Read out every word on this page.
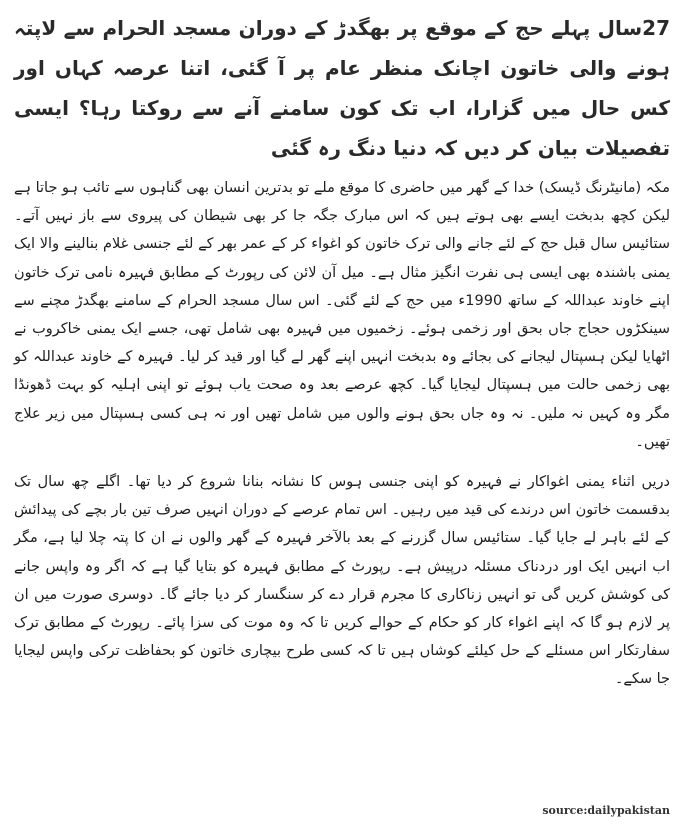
27سال پہلے حج کے موقع پر بھگدڑ کے دوران مسجد الحرام سے لاپتہ ہونے والی خاتون اچانک منظر عام پر آ گئی، اتنا عرصہ کہاں اور کس حال میں گزارا، اب تک کون سامنے آنے سے روکتا رہا؟ ایسی تفصیلات بیان کر دیں کہ دنیا دنگ رہ گئی

مکہ (مانیٹرنگ ڈیسک) خدا کے گھر میں حاضری کا موقع ملے تو بدترین انسان بھی گناہوں سے تائب ہو جاتا ہے لیکن کچھ بدبخت ایسے بھی ہوتے ہیں کہ اس مبارک جگہ جا کر بھی شیطان کی پیروی سے باز نہیں آتے۔ ستائیس سال قبل حج کے لئے جانے والی ترک خاتون کو اغواء کر کے عمر بھر کے لئے جنسی غلام بنالینے والا ایک یمنی باشندہ بھی ایسی ہی نفرت انگیز مثال ہے۔ میل آن لائن کی رپورٹ کے مطابق فہیرہ نامی ترک خاتون اپنے خاوند عبداللہ کے ساتھ 1990ء میں حج کے لئے گئی۔ اس سال مسجد الحرام کے سامنے بھگدڑ مچنے سے سینکڑوں حجاج جاں بحق اور زخمی ہوئے۔ زخمیوں میں فہیرہ بھی شامل تھی، جسے ایک یمنی خاکروب نے اٹھایا لیکن ہسپتال لیجانے کی بجائے وہ بدبخت انہیں اپنے گھر لے گیا اور قید کر لیا۔ فہیرہ کے خاوند عبداللہ کو بھی زخمی حالت میں ہسپتال لیجایا گیا۔ کچھ عرصے بعد وہ صحت یاب ہوئے تو اپنی اہلیہ کو بہت ڈھونڈا مگر وہ کہیں نہ ملیں۔ نہ وہ جاں بحق ہونے والوں میں شامل تھیں اور نہ ہی کسی ہسپتال میں زیر علاج تھیں۔

دریں اثناء یمنی اغواکار نے فہیرہ کو اپنی جنسی ہوس کا نشانہ بنانا شروع کر دیا تھا۔ اگلے چھ سال تک بدقسمت خاتون اس درندے کی قید میں رہیں۔ اس تمام عرصے کے دوران انہیں صرف تین بار بچے کی پیدائش کے لئے باہر لے جایا گیا۔ ستائیس سال گزرنے کے بعد بالآخر فہیرہ کے گھر والوں نے ان کا پتہ چلا لیا ہے، مگر اب انہیں ایک اور دردناک مسئلہ درپیش ہے۔ رپورٹ کے مطابق فہیرہ کو بتایا گیا ہے کہ اگر وہ واپس جانے کی کوشش کریں گی تو انہیں زناکاری کا مجرم قرار دے کر سنگسار کر دیا جائے گا۔ دوسری صورت میں ان پر لازم ہو گا کہ اپنے اغواء کار کو حکام کے حوالے کریں تا کہ وہ موت کی سزا پائے۔ رپورٹ کے مطابق ترک سفارتکار اس مسئلے کے حل کیلئے کوشاں ہیں تا کہ کسی طرح بیچاری خاتون کو بحفاظت ترکی واپس لیجایا جا سکے۔

source:dailypakistan
